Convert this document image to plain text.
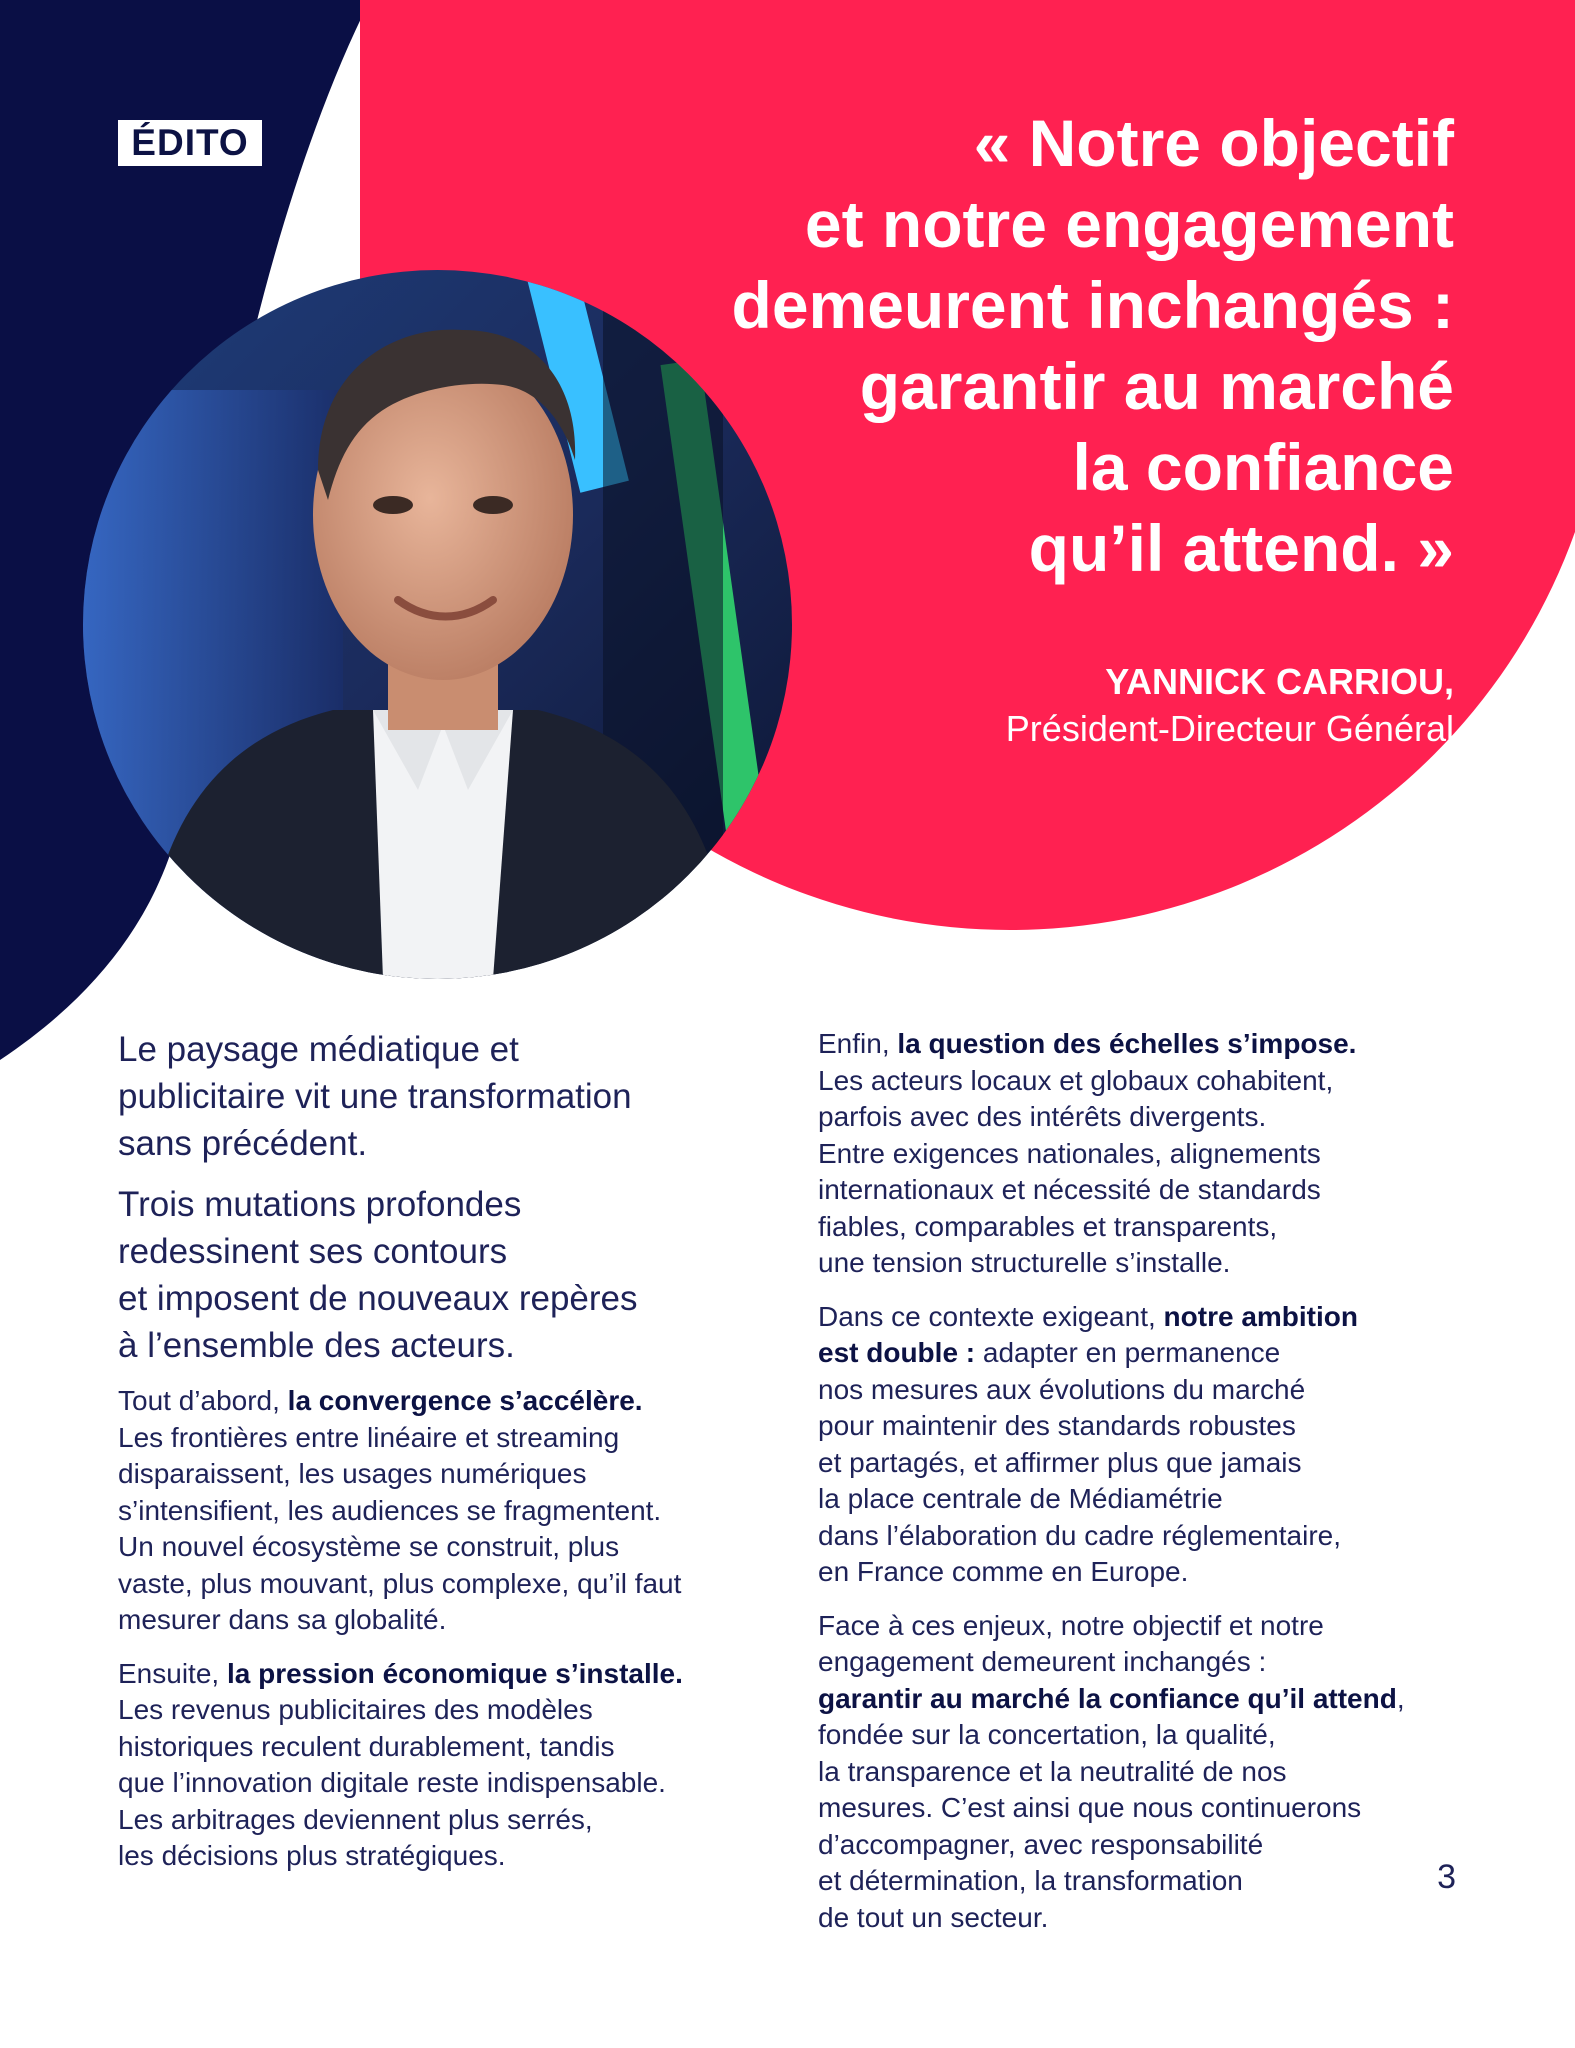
ÉDITO	« Notre objectif
et notre engagement
demeurent inchangés :
garantir au marché
la confiance
qu’il attend. »
YANNICK CARRIOU,
Président-Directeur Général

Le paysage médiatique et
publicitaire vit une transformation
sans précédent.

Trois mutations profondes
redessinent ses contours
et imposent de nouveaux repères
à l’ensemble des acteurs.

Tout d’abord, la convergence s’accélère.
Les frontières entre linéaire et streaming
disparaissent, les usages numériques
s’intensifient, les audiences se fragmentent.
Un nouvel écosystème se construit, plus
vaste, plus mouvant, plus complexe, qu’il faut
mesurer dans sa globalité.

Ensuite, la pression économique s’installe.
Les revenus publicitaires des modèles
historiques reculent durablement, tandis
que l’innovation digitale reste indispensable.
Les arbitrages deviennent plus serrés,
les décisions plus stratégiques.

Enfin, la question des échelles s’impose.
Les acteurs locaux et globaux cohabitent,
parfois avec des intérêts divergents.
Entre exigences nationales, alignements
internationaux et nécessité de standards
fiables, comparables et transparents,
une tension structurelle s’installe.

Dans ce contexte exigeant, notre ambition
est double : adapter en permanence
nos mesures aux évolutions du marché
pour maintenir des standards robustes
et partagés, et affirmer plus que jamais
la place centrale de Médiamétrie
dans l’élaboration du cadre réglementaire,
en France comme en Europe.

Face à ces enjeux, notre objectif et notre
engagement demeurent inchangés :
garantir au marché la confiance qu’il attend,
fondée sur la concertation, la qualité,
la transparence et la neutralité de nos
mesures. C’est ainsi que nous continuerons
d’accompagner, avec responsabilité
et détermination, la transformation
de tout un secteur.

3
